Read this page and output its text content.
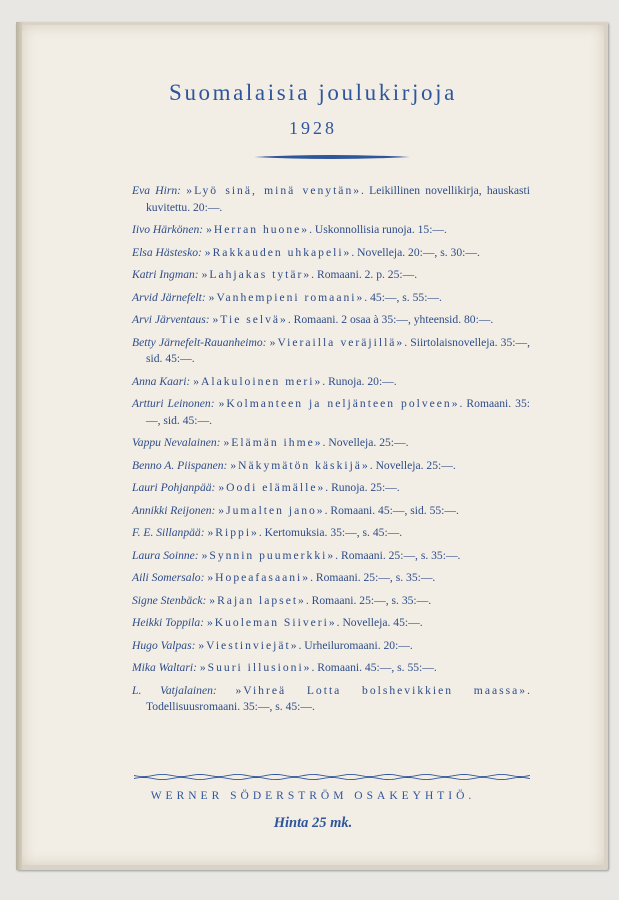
Suomalaisia joulukirjoja
1928
Eva Hirn: »Lyö sinä, minä venytän». Leikillinen novellikirja, hauskasti kuvitettu. 20:—.
Iivo Härkönen: »Herran huone». Uskonnollisia runoja. 15:—.
Elsa Hästesko: »Rakkauden uhkapeli». Novelleja. 20:—, s. 30:—.
Katri Ingman: »Lahjakas tytär». Romaani. 2. p. 25:—.
Arvid Järnefelt: »Vanhempieni romaani». 45:—, s. 55:—.
Arvi Järventaus: »Tie selvä». Romaani. 2 osaa à 35:—, yhteensid. 80:—.
Betty Järnefelt-Rauanheimo: »Vierailla veräjillä». Siirtolaisnovelleja. 35:—, sid. 45:—.
Anna Kaari: »Alakuloinen meri». Runoja. 20:—.
Artturi Leinonen: »Kolmanteen ja neljänteen polveen». Romaani. 35:—, sid. 45:—.
Vappu Nevalainen: »Elämän ihme». Novelleja. 25:—.
Benno A. Piispanen: »Näkymätön käskijä». Novelleja. 25:—.
Lauri Pohjanpää: »Oodi elämälle». Runoja. 25:—.
Annikki Reijonen: »Jumalten jano». Romaani. 45:—, sid. 55:—.
F. E. Sillanpää: »Rippi». Kertomuksia. 35:—, s. 45:—.
Laura Soinne: »Synnin puumerkki». Romaani. 25:—, s. 35:—.
Aili Somersalo: »Hopeafasaani». Romaani. 25:—, s. 35:—.
Signe Stenbäck: »Rajan lapset». Romaani. 25:—, s. 35:—.
Heikki Toppila: »Kuoleman Siiveri». Novelleja. 45:—.
Hugo Valpas: »Viestinviejät». Urheiluromaani. 20:—.
Mika Waltari: »Suuri illusioni». Romaani. 45:—, s. 55:—.
L. Vatjalainen: »Vihreä Lotta bolshevikkien maassa». Todellisuusromaani. 35:—, s. 45:—.
WERNER SÖDERSTRÖM OSAKEYHTIÖ.
Hinta 25 mk.
